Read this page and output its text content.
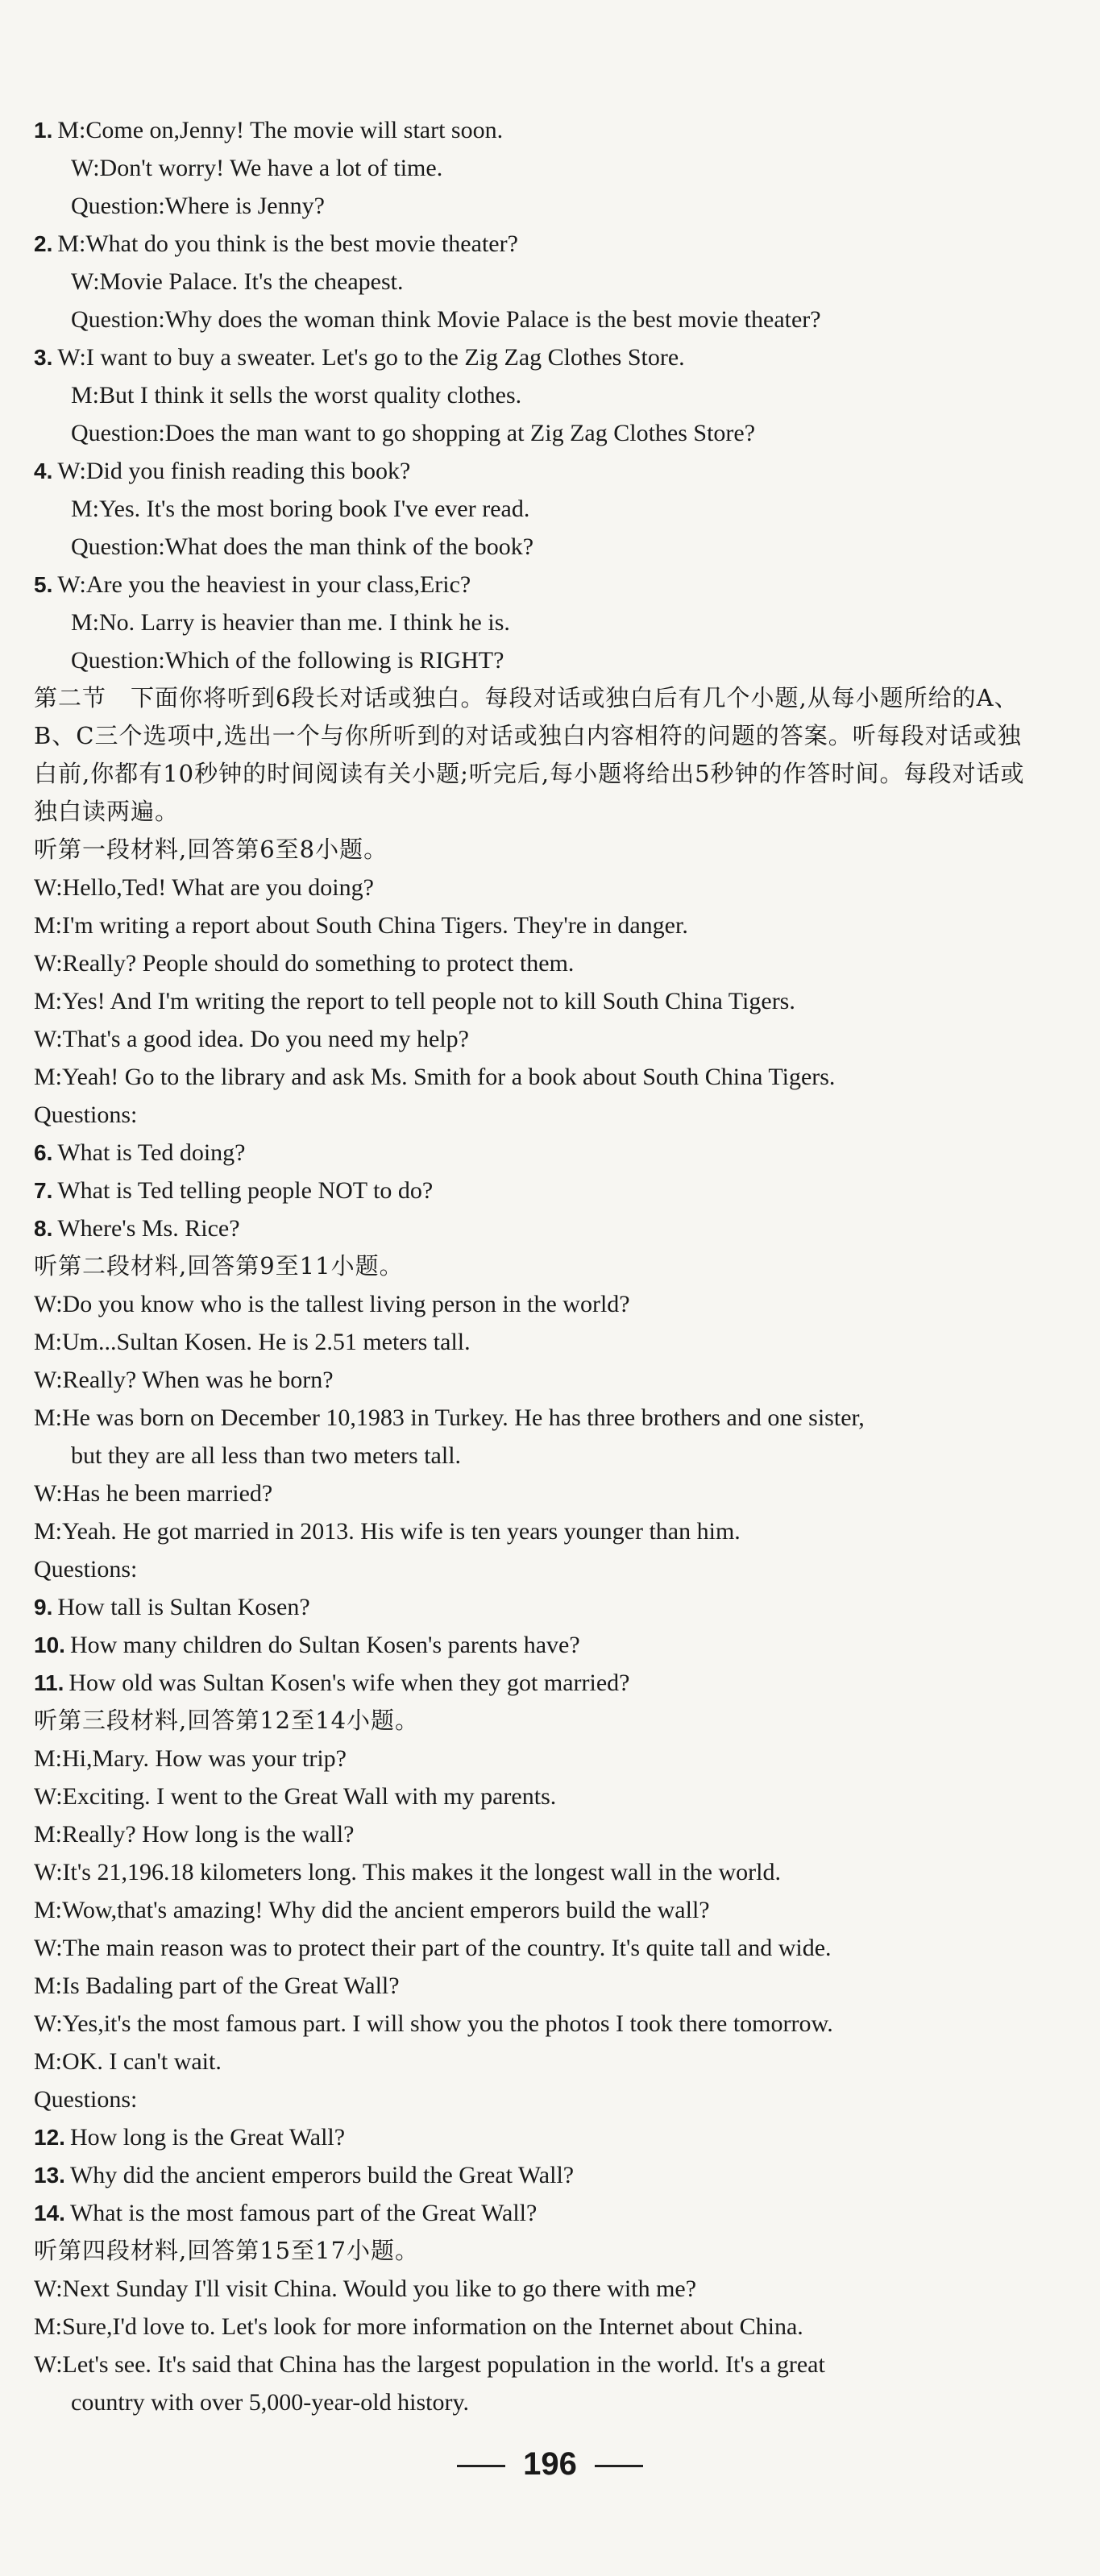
1. M:Come on,Jenny! The movie will start soon.
W:Don't worry! We have a lot of time.
Question:Where is Jenny?
2. M:What do you think is the best movie theater?
W:Movie Palace. It's the cheapest.
Question:Why does the woman think Movie Palace is the best movie theater?
3. W:I want to buy a sweater. Let's go to the Zig Zag Clothes Store.
M:But I think it sells the worst quality clothes.
Question:Does the man want to go shopping at Zig Zag Clothes Store?
4. W:Did you finish reading this book?
M:Yes. It's the most boring book I've ever read.
Question:What does the man think of the book?
5. W:Are you the heaviest in your class,Eric?
M:No. Larry is heavier than me. I think he is.
Question:Which of the following is RIGHT?
第二节　下面你将听到6段长对话或独白。每段对话或独白后有几个小题,从每小题所给的A、B、C三个选项中,选出一个与你所听到的对话或独白内容相符的问题的答案。听每段对话或独白前,你都有10秒钟的时间阅读有关小题;听完后,每小题将给出5秒钟的作答时间。每段对话或独白读两遍。
听第一段材料,回答第6至8小题。
W:Hello,Ted! What are you doing?
M:I'm writing a report about South China Tigers. They're in danger.
W:Really? People should do something to protect them.
M:Yes! And I'm writing the report to tell people not to kill South China Tigers.
W:That's a good idea. Do you need my help?
M:Yeah! Go to the library and ask Ms. Smith for a book about South China Tigers.
Questions:
6. What is Ted doing?
7. What is Ted telling people NOT to do?
8. Where's Ms. Rice?
听第二段材料,回答第9至11小题。
W:Do you know who is the tallest living person in the world?
M:Um...Sultan Kosen. He is 2.51 meters tall.
W:Really? When was he born?
M:He was born on December 10,1983 in Turkey. He has three brothers and one sister,
but they are all less than two meters tall.
W:Has he been married?
M:Yeah. He got married in 2013. His wife is ten years younger than him.
Questions:
9. How tall is Sultan Kosen?
10. How many children do Sultan Kosen's parents have?
11. How old was Sultan Kosen's wife when they got married?
听第三段材料,回答第12至14小题。
M:Hi,Mary. How was your trip?
W:Exciting. I went to the Great Wall with my parents.
M:Really? How long is the wall?
W:It's 21,196.18 kilometers long. This makes it the longest wall in the world.
M:Wow,that's amazing! Why did the ancient emperors build the wall?
W:The main reason was to protect their part of the country. It's quite tall and wide.
M:Is Badaling part of the Great Wall?
W:Yes,it's the most famous part. I will show you the photos I took there tomorrow.
M:OK. I can't wait.
Questions:
12. How long is the Great Wall?
13. Why did the ancient emperors build the Great Wall?
14. What is the most famous part of the Great Wall?
听第四段材料,回答第15至17小题。
W:Next Sunday I'll visit China. Would you like to go there with me?
M:Sure,I'd love to. Let's look for more information on the Internet about China.
W:Let's see. It's said that China has the largest population in the world. It's a great
country with over 5,000-year-old history.
196
